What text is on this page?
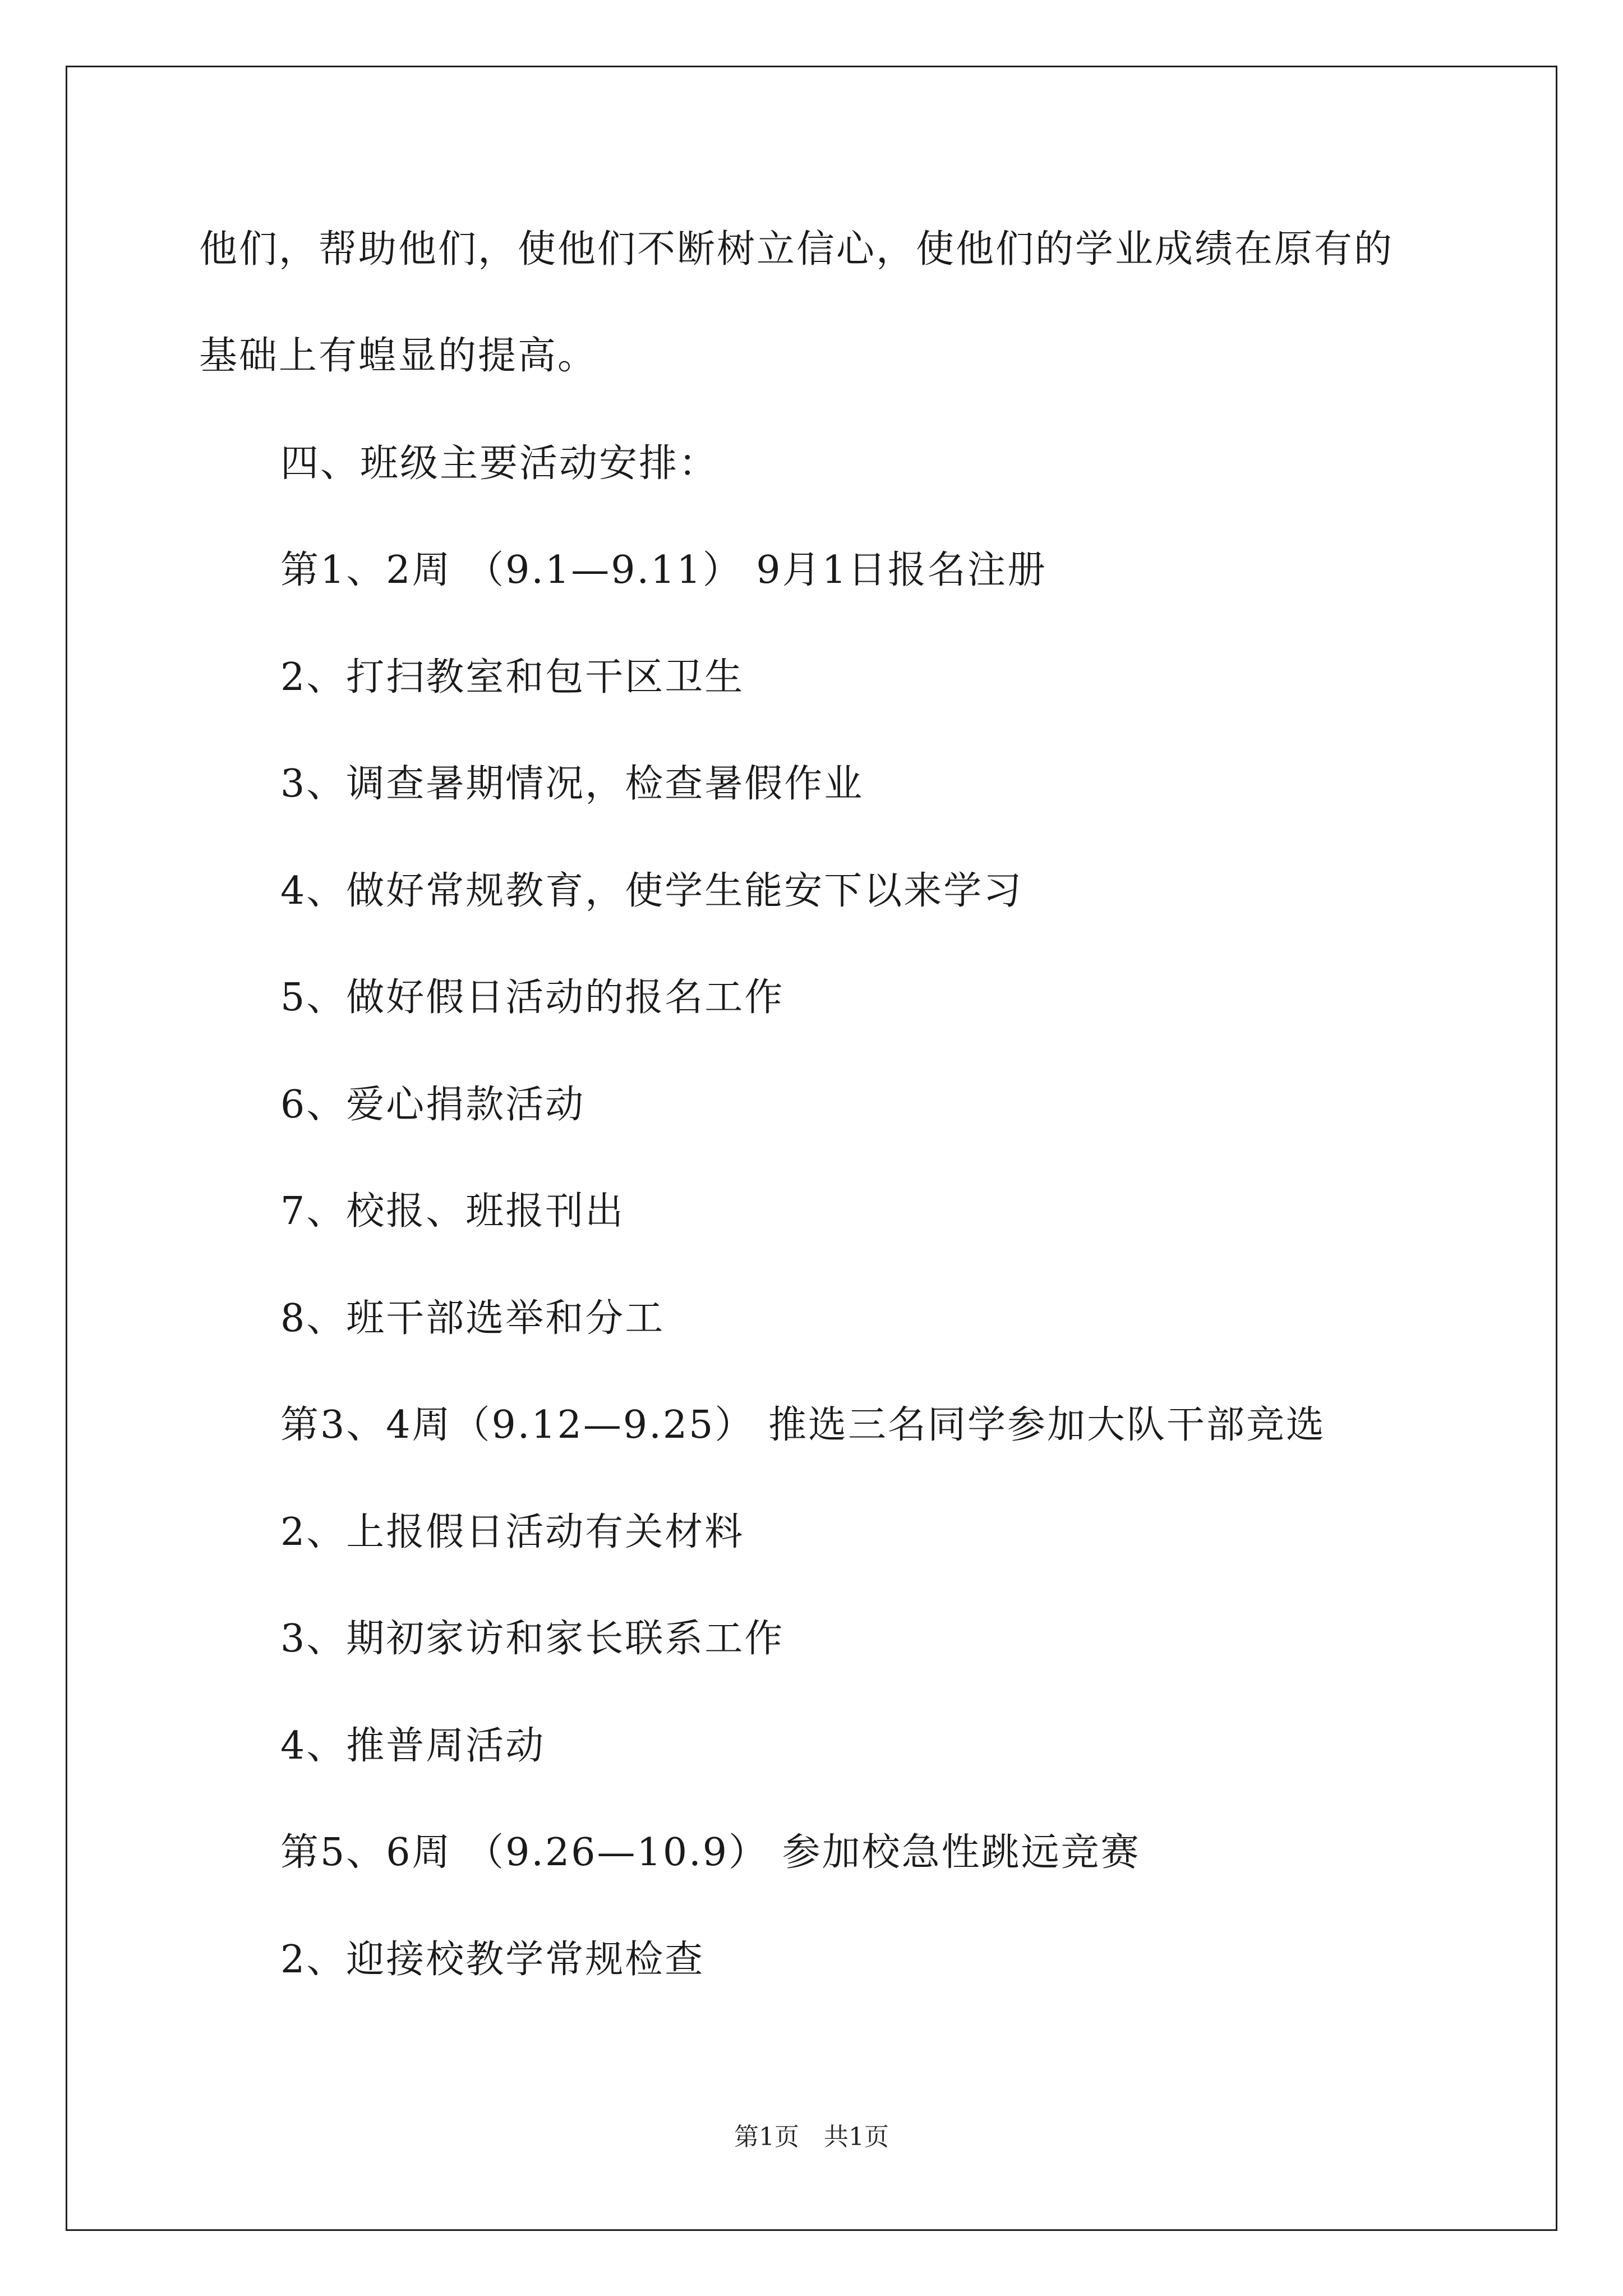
他们，帮助他们，使他们不断树立信心，使他们的学业成绩在原有的
基础上有蝗显的提高。
四、班级主要活动安排：
第1、2周 （9.1—9.11） 9月1日报名注册
2、打扫教室和包干区卫生
3、调查暑期情况，检查暑假作业
4、做好常规教育，使学生能安下以来学习
5、做好假日活动的报名工作
6、爱心捐款活动
7、校报、班报刊出
8、班干部选举和分工
第3、4周（9.12—9.25） 推选三名同学参加大队干部竞选
2、上报假日活动有关材料
3、期初家访和家长联系工作
4、推普周活动
第5、6周 （9.26—10.9） 参加校急性跳远竞赛
2、迎接校教学常规检查
第1页　共1页
